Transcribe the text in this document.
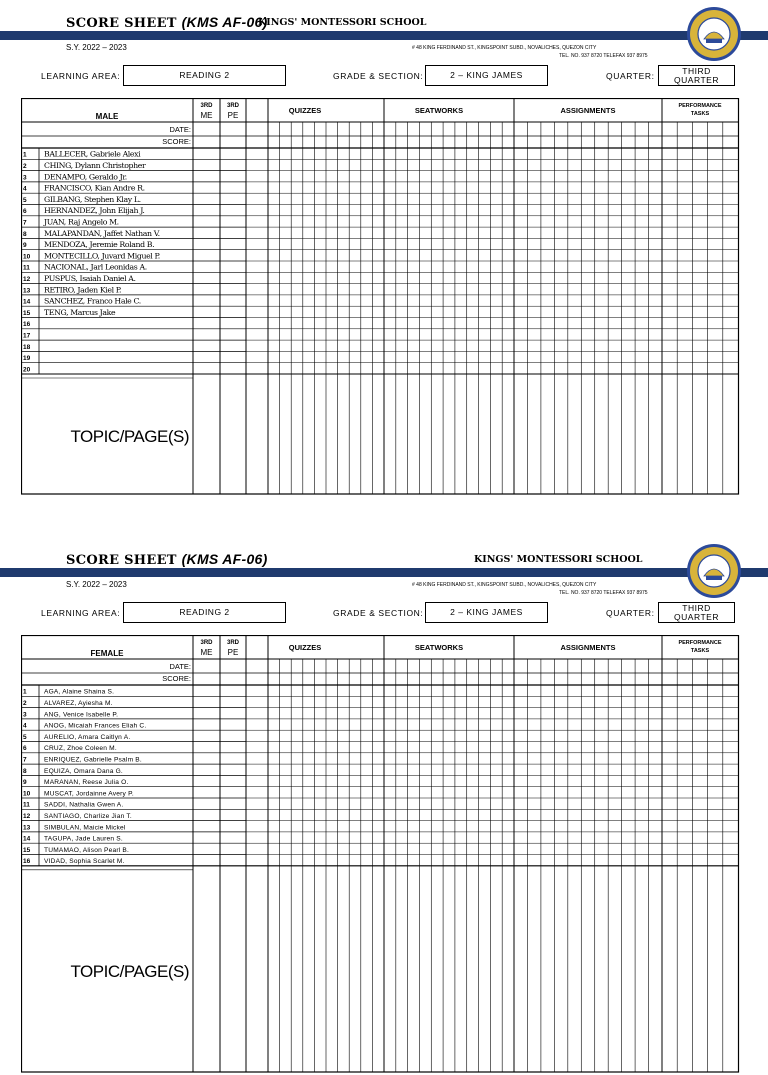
SCORE SHEET (KMS AF-06)
KINGS' MONTESSORI SCHOOL
S.Y. 2022 – 2023	# 48 KING FERDINAND ST., KINGSPOINT SUBD., NOVALICHES, QUEZON CITY
TEL. NO. 937 8720 TELEFAX 937 8975
LEARNING AREA:	READING 2	GRADE & SECTION:	2 – KING JAMES	QUARTER:
THIRD QUARTER
MALE
DATE:
SCORE:
3RD
ME
3RD
PE
QUIZZES	SEATWORKS	ASSIGNMENTS	PERFORMANCE
TASKS
1 BALLECER, Gabriele Alexi
2 CHING, Dylann Christopher
3 DENAMPO, Geraldo Jr.
4 FRANCISCO, Kian Andre R.
5 GILBANG, Stephen Klay L.
6 HERNANDEZ, John Elijah J.
7 JUAN, Raj Angelo M.
8 MALAPANDAN, Jaffet Nathan V.
9 MENDOZA, Jeremie Roland B.
10 MONTECILLO, Juvard Miguel P.
11 NACIONAL, Jarl Leonidas A.
12 PUSPUS, Isaiah Daniel A.
13 RETIRO, Jaden Kiel P.
14 SANCHEZ, Franco Hale C.
15 TENG, Marcus Jake
16
17
18
19
20
TOPIC/PAGE(S)
SCORE SHEET (KMS AF-06)	KINGS' MONTESSORI SCHOOL
S.Y. 2022 – 2023	# 48 KING FERDINAND ST., KINGSPOINT SUBD., NOVALICHES, QUEZON CITY
TEL. NO. 937 8720 TELEFAX 937 8975
LEARNING AREA:	READING 2	GRADE & SECTION:	2 – KING JAMES	QUARTER:
THIRD QUARTER
FEMALE
DATE:
SCORE:
3RD
ME
3RD
PE
QUIZZES	SEATWORKS	ASSIGNMENTS	PERFORMANCE
TASKS
1	AGA, Alaine Shaina S.
2	ALVAREZ, Ayiesha M.
3	ANG, Venice Isabelle P.
4	ANOG, Micaiah Frances Eliah C.
5	AURELIO, Amara Caitlyn A.
6	CRUZ, Zhoe Coleen M.
7	ENRIQUEZ, Gabrielle Psalm B.
8	EQUIZA, Omara Dana G.
9	MARANAN, Reese Julia O.
10 MUSCAT, Jordainne Avery P.
11 SADDI, Nathalia Gwen A.
12 SANTIAGO, Charlize Jian T.
13 SIMBULAN, Maicie Mickel
14 TAGUPA, Jade Lauren S.
15 TUMAMAO, Alison Pearl B.
16 VIDAD, Sophia Scarlet M.
TOPIC/PAGE(S)
